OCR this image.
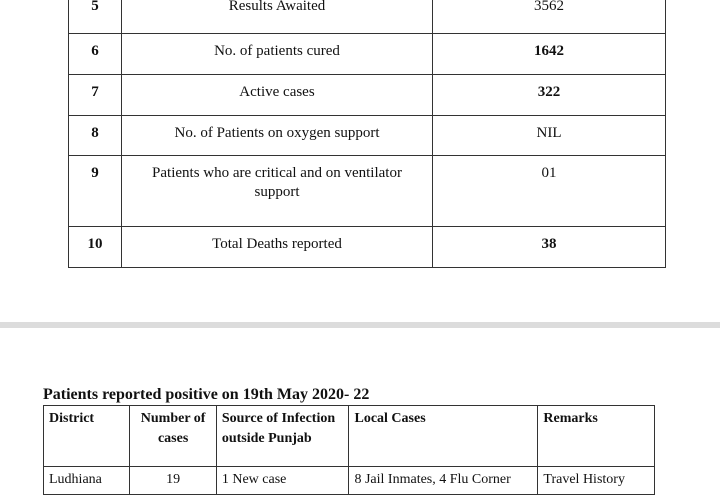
5	Results Awaited	3562
6	No. of patients cured	1642
7	Active cases	322
8	No. of Patients on oxygen support	NIL
9	Patients who are critical and on ventilator support	01
10	Total Deaths reported	38
Patients reported positive on 19th May 2020- 22
District	Number of cases	Source of Infection outside Punjab	Local Cases	Remarks
Ludhiana	19	1 New case	8 Jail Inmates, 4 Flu Corner	Travel History
